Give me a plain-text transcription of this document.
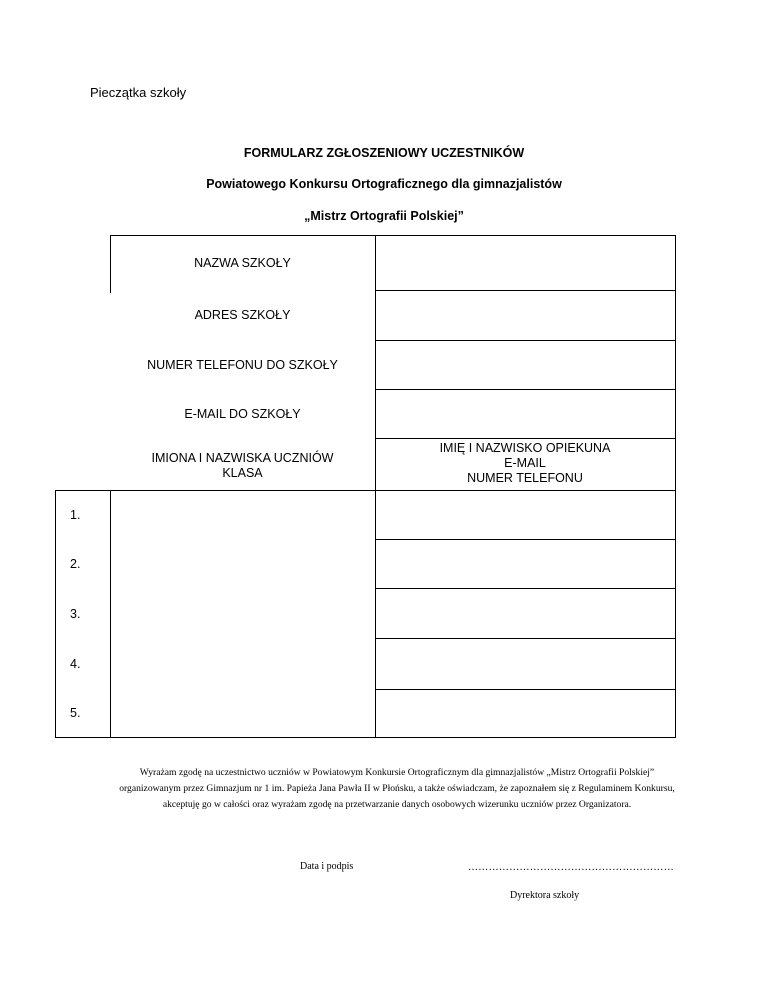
Pieczątka szkoły
FORMULARZ ZGŁOSZENIOWY UCZESTNIKÓW
Powiatowego Konkursu Ortograficznego dla gimnazjalistów
„Mistrz Ortografii Polskiej”
NAZWA SZKOŁY
ADRES SZKOŁY
NUMER TELEFONU DO SZKOŁY
E-MAIL DO SZKOŁY
IMIONA I NAZWISKA UCZNIÓW
KLASA
IMIĘ I NAZWISKO OPIEKUNA
E-MAIL
NUMER TELEFONU
1.
2.
3.
4.
5.
Wyrażam zgodę na uczestnictwo uczniów w Powiatowym Konkursie Ortograficznym dla gimnazjalistów „Mistrz Ortografii Polskiej” organizowanym przez Gimnazjum nr 1 im. Papieża Jana Pawła II w Płońsku, a także oświadczam, że zapoznałem się z Regulaminem Konkursu, akceptuję go w całości oraz wyrażam zgodę na przetwarzanie danych osobowych wizerunku uczniów przez Organizatora.
Data i podpis	……………………………………………………
Dyrektora szkoły
